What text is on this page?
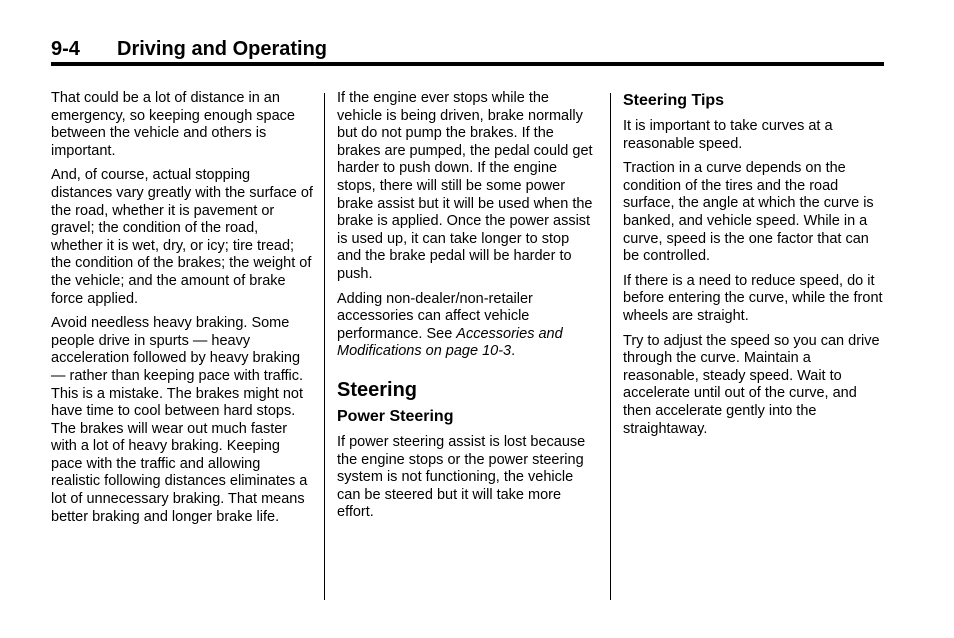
9-4 Driving and Operating

That could be a lot of distance in an emergency, so keeping enough space between the vehicle and others is important.

And, of course, actual stopping distances vary greatly with the surface of the road, whether it is pavement or gravel; the condition of the road, whether it is wet, dry, or icy; tire tread; the condition of the brakes; the weight of the vehicle; and the amount of brake force applied.

Avoid needless heavy braking. Some people drive in spurts — heavy acceleration followed by heavy braking — rather than keeping pace with traffic. This is a mistake. The brakes might not have time to cool between hard stops. The brakes will wear out much faster with a lot of heavy braking. Keeping pace with the traffic and allowing realistic following distances eliminates a lot of unnecessary braking. That means better braking and longer brake life.

If the engine ever stops while the vehicle is being driven, brake normally but do not pump the brakes. If the brakes are pumped, the pedal could get harder to push down. If the engine stops, there will still be some power brake assist but it will be used when the brake is applied. Once the power assist is used up, it can take longer to stop and the brake pedal will be harder to push.

Adding non-dealer/non-retailer accessories can affect vehicle performance. See Accessories and Modifications on page 10-3.

Steering
Power Steering

If power steering assist is lost because the engine stops or the power steering system is not functioning, the vehicle can be steered but it will take more effort.

Steering Tips

It is important to take curves at a reasonable speed.

Traction in a curve depends on the condition of the tires and the road surface, the angle at which the curve is banked, and vehicle speed. While in a curve, speed is the one factor that can be controlled.

If there is a need to reduce speed, do it before entering the curve, while the front wheels are straight.

Try to adjust the speed so you can drive through the curve. Maintain a reasonable, steady speed. Wait to accelerate until out of the curve, and then accelerate gently into the straightaway.
